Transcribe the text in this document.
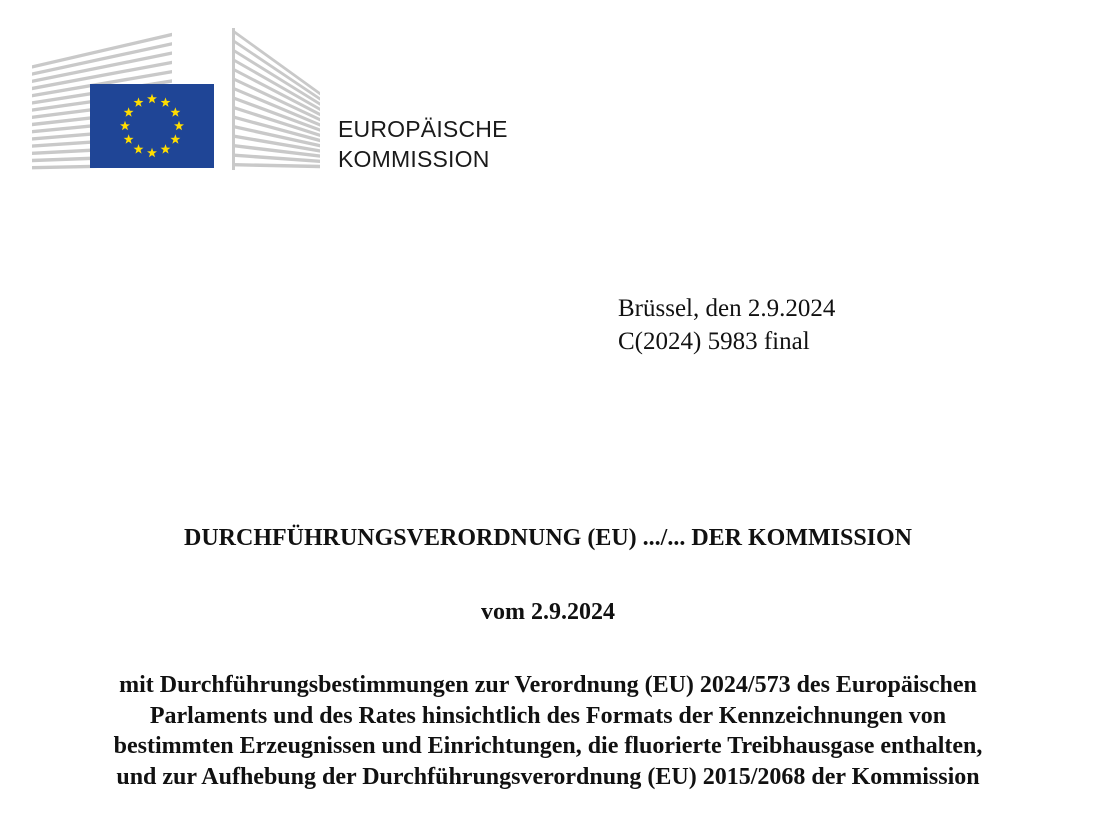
EUROPÄISCHE
KOMMISSION
Brüssel, den 2.9.2024
C(2024) 5983 final
DURCHFÜHRUNGSVERORDNUNG (EU) .../... DER KOMMISSION
vom 2.9.2024
mit Durchführungsbestimmungen zur Verordnung (EU) 2024/573 des Europäischen
Parlaments und des Rates hinsichtlich des Formats der Kennzeichnungen von
bestimmten Erzeugnissen und Einrichtungen, die fluorierte Treibhausgase enthalten,
und zur Aufhebung der Durchführungsverordnung (EU) 2015/2068 der Kommission
